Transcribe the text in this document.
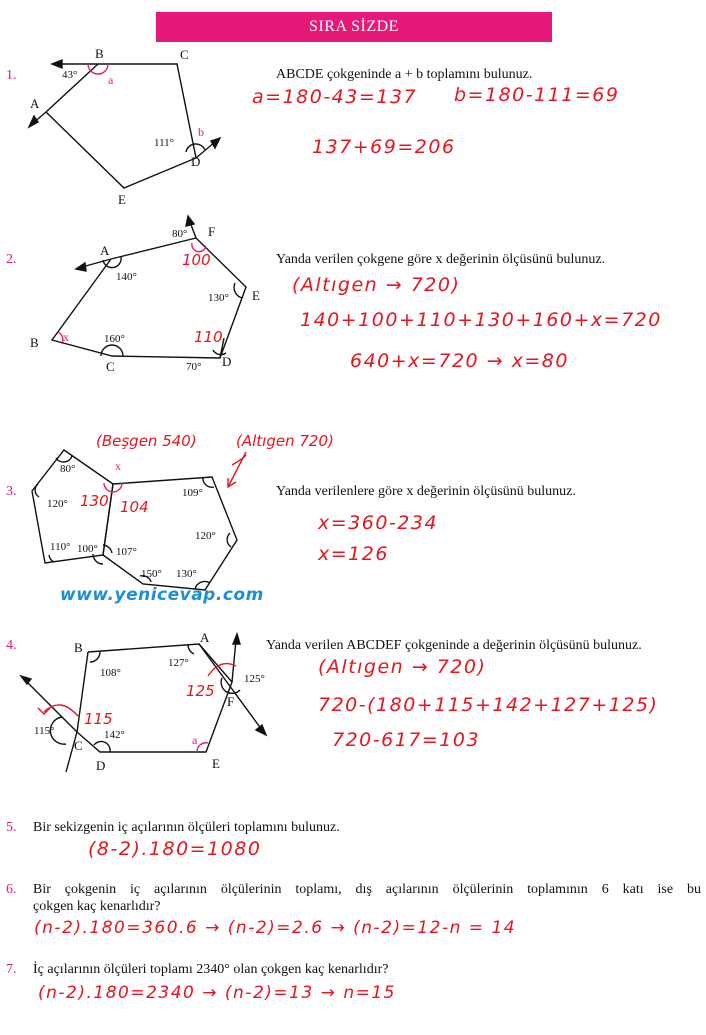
SIRA SİZDE
1.
B	C
A
D
E
43°
111°
a
b
ABCDE çokgeninde a + b toplamını bulunuz.
a=180-43=137 b=180-111=69
137+69=206
2.
A
F
E
D
C
B x
140°
80°
130°
160°
70°
100
110
Yanda verilen çokgene göre x değerinin ölçüsünü bulunuz.
(Altıgen → 720)
140+100+110+130+160+x=720
640+x=720 → x=80
3.
80°
120°
110° 100° 107°
150° 130°
120°
109°
x
(Beşgen 540)	(Altıgen 720)
130 104
Yanda verilenlere göre x değerinin ölçüsünü bulunuz.
x=360-234
x=126
www.yenicevap.com
4.	B
A
F
C
D	E
a
108°
127°
125°
115°	142°
115
125
Yanda verilen ABCDEF çokgeninde a değerinin ölçüsünü bulunuz.
(Altıgen → 720)
720-(180+115+142+127+125)
720-617=103
5. Bir sekizgenin iç açılarının ölçüleri toplamını bulunuz.
(8-2).180=1080
6. Bir çokgenin iç açılarının ölçülerinin toplamı, dış açılarının ölçülerinin toplamının 6 katı ise bu
çokgen kaç kenarlıdır?
(n-2).180=360.6 → (n-2)=2.6 → (n-2)=12-n = 14
7. İç açılarının ölçüleri toplamı 2340° olan çokgen kaç kenarlıdır?
(n-2).180=2340 → (n-2)=13 → n=15
